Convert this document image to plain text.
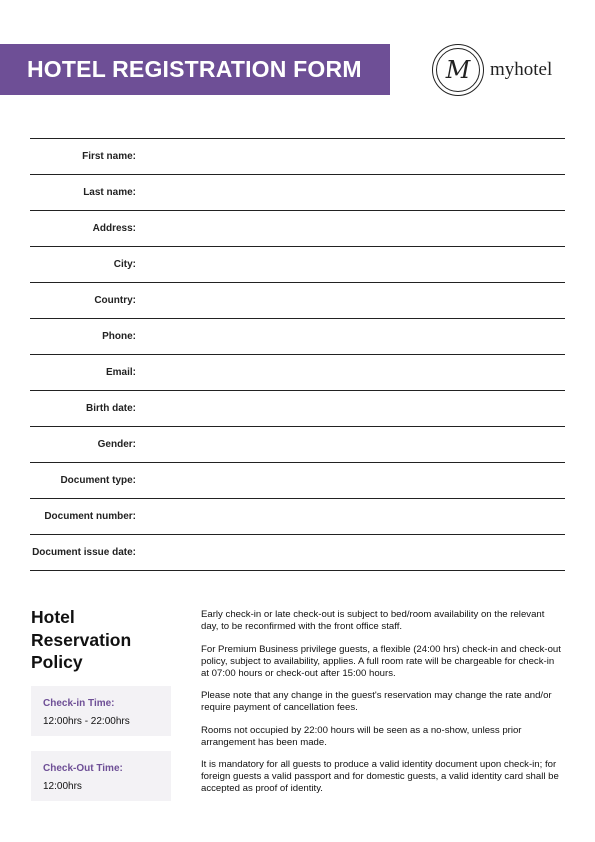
HOTEL REGISTRATION FORM	M myhotel
First name:
Last name:
Address:
City:
Country:
Phone:
Email:
Birth date:
Gender:
Document type:
Document number:
Document issue date:
Hotel Reservation Policy
Check-in Time:
12:00hrs - 22:00hrs
Check-Out Time:
12:00hrs

Early check-in or late check-out is subject to bed/room availability on the relevant day, to be reconfirmed with the front office staff.

For Premium Business privilege guests, a flexible (24:00 hrs) check-in and check-out policy, subject to availability, applies. A full room rate will be chargeable for check-in at 07:00 hours or check-out after 15:00 hours.

Please note that any change in the guest's reservation may change the rate and/or require payment of cancellation fees.

Rooms not occupied by 22:00 hours will be seen as a no-show, unless prior arrangement has been made.

It is mandatory for all guests to produce a valid identity document upon check-in; for foreign guests a valid passport and for domestic guests, a valid identity card shall be accepted as proof of identity.
